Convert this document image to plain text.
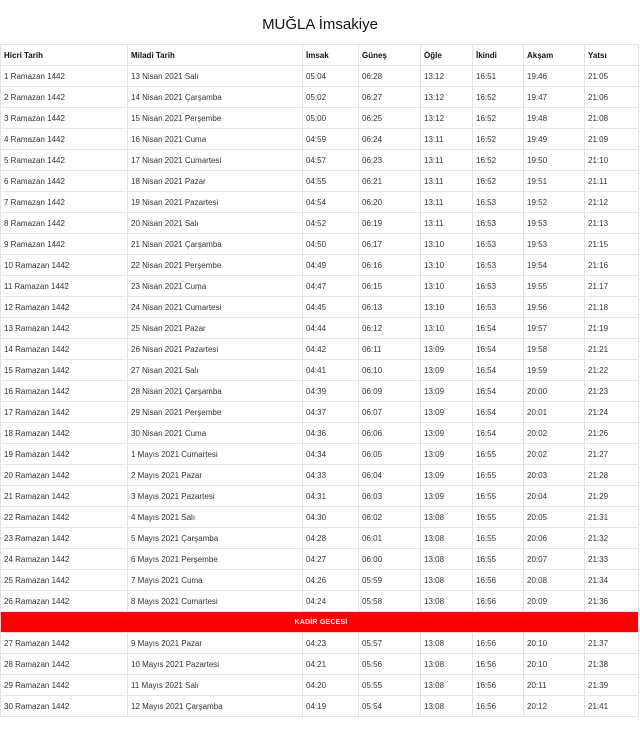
MUĞLA İmsakiye
Hicri Tarih	Miladi Tarih	İmsak	Güneş	Öğle	İkindi	Akşam	Yatsı
1 Ramazan 1442	13 Nisan 2021 Salı	05:04	06:28	13:12	16:51	19:46	21:05
2 Ramazan 1442	14 Nisan 2021 Çarşamba	05:02	06:27	13:12	16:52	19:47	21:06
3 Ramazan 1442	15 Nisan 2021 Perşembe	05:00	06:25	13:12	16:52	19:48	21:08
4 Ramazan 1442	16 Nisan 2021 Cuma	04:59	06:24	13:11	16:52	19:49	21:09
5 Ramazan 1442	17 Nisan 2021 Cumartesi	04:57	06:23	13:11	16:52	19:50	21:10
6 Ramazan 1442	18 Nisan 2021 Pazar	04:55	06:21	13:11	16:52	19:51	21:11
7 Ramazan 1442	19 Nisan 2021 Pazartesi	04:54	06:20	13:11	16:53	19:52	21:12
8 Ramazan 1442	20 Nisan 2021 Salı	04:52	06:19	13:11	16:53	19:53	21:13
9 Ramazan 1442	21 Nisan 2021 Çarşamba	04:50	06:17	13:10	16:53	19:53	21:15
10 Ramazan 1442	22 Nisan 2021 Perşembe	04:49	06:16	13:10	16:53	19:54	21:16
11 Ramazan 1442	23 Nisan 2021 Cuma	04:47	06:15	13:10	16:53	19:55	21:17
12 Ramazan 1442	24 Nisan 2021 Cumartesi	04:45	06:13	13:10	16:53	19:56	21:18
13 Ramazan 1442	25 Nisan 2021 Pazar	04:44	06:12	13:10	16:54	19:57	21:19
14 Ramazan 1442	26 Nisan 2021 Pazartesi	04:42	06:11	13:09	16:54	19:58	21:21
15 Ramazan 1442	27 Nisan 2021 Salı	04:41	06:10	13:09	16:54	19:59	21:22
16 Ramazan 1442	28 Nisan 2021 Çarşamba	04:39	06:09	13:09	16:54	20:00	21:23
17 Ramazan 1442	29 Nisan 2021 Perşembe	04:37	06:07	13:09	16:54	20:01	21:24
18 Ramazan 1442	30 Nisan 2021 Cuma	04:36	06:06	13:09	16:54	20:02	21:26
19 Ramazan 1442	1 Mayıs 2021 Cumartesi	04:34	06:05	13:09	16:55	20:02	21:27
20 Ramazan 1442	2 Mayıs 2021 Pazar	04:33	06:04	13:09	16:55	20:03	21:28
21 Ramazan 1442	3 Mayıs 2021 Pazartesi	04:31	06:03	13:09	16:55	20:04	21:29
22 Ramazan 1442	4 Mayıs 2021 Salı	04:30	06:02	13:08	16:55	20:05	21:31
23 Ramazan 1442	5 Mayıs 2021 Çarşamba	04:28	06:01	13:08	16:55	20:06	21:32
24 Ramazan 1442	6 Mayıs 2021 Perşembe	04:27	06:00	13:08	16:55	20:07	21:33
25 Ramazan 1442	7 Mayıs 2021 Cuma	04:26	05:59	13:08	16:56	20:08	21:34
26 Ramazan 1442	8 Mayıs 2021 Cumartesi	04:24	05:58	13:08	16:56	20:09	21:36
KADİR GECESİ							
27 Ramazan 1442	9 Mayıs 2021 Pazar	04:23	05:57	13:08	16:56	20:10	21:37
28 Ramazan 1442	10 Mayıs 2021 Pazartesi	04:21	05:56	13:08	16:56	20:10	21:38
29 Ramazan 1442	11 Mayıs 2021 Salı	04:20	05:55	13:08	16:56	20:11	21:39
30 Ramazan 1442	12 Mayıs 2021 Çarşamba	04:19	05:54	13:08	16:56	20:12	21:41
